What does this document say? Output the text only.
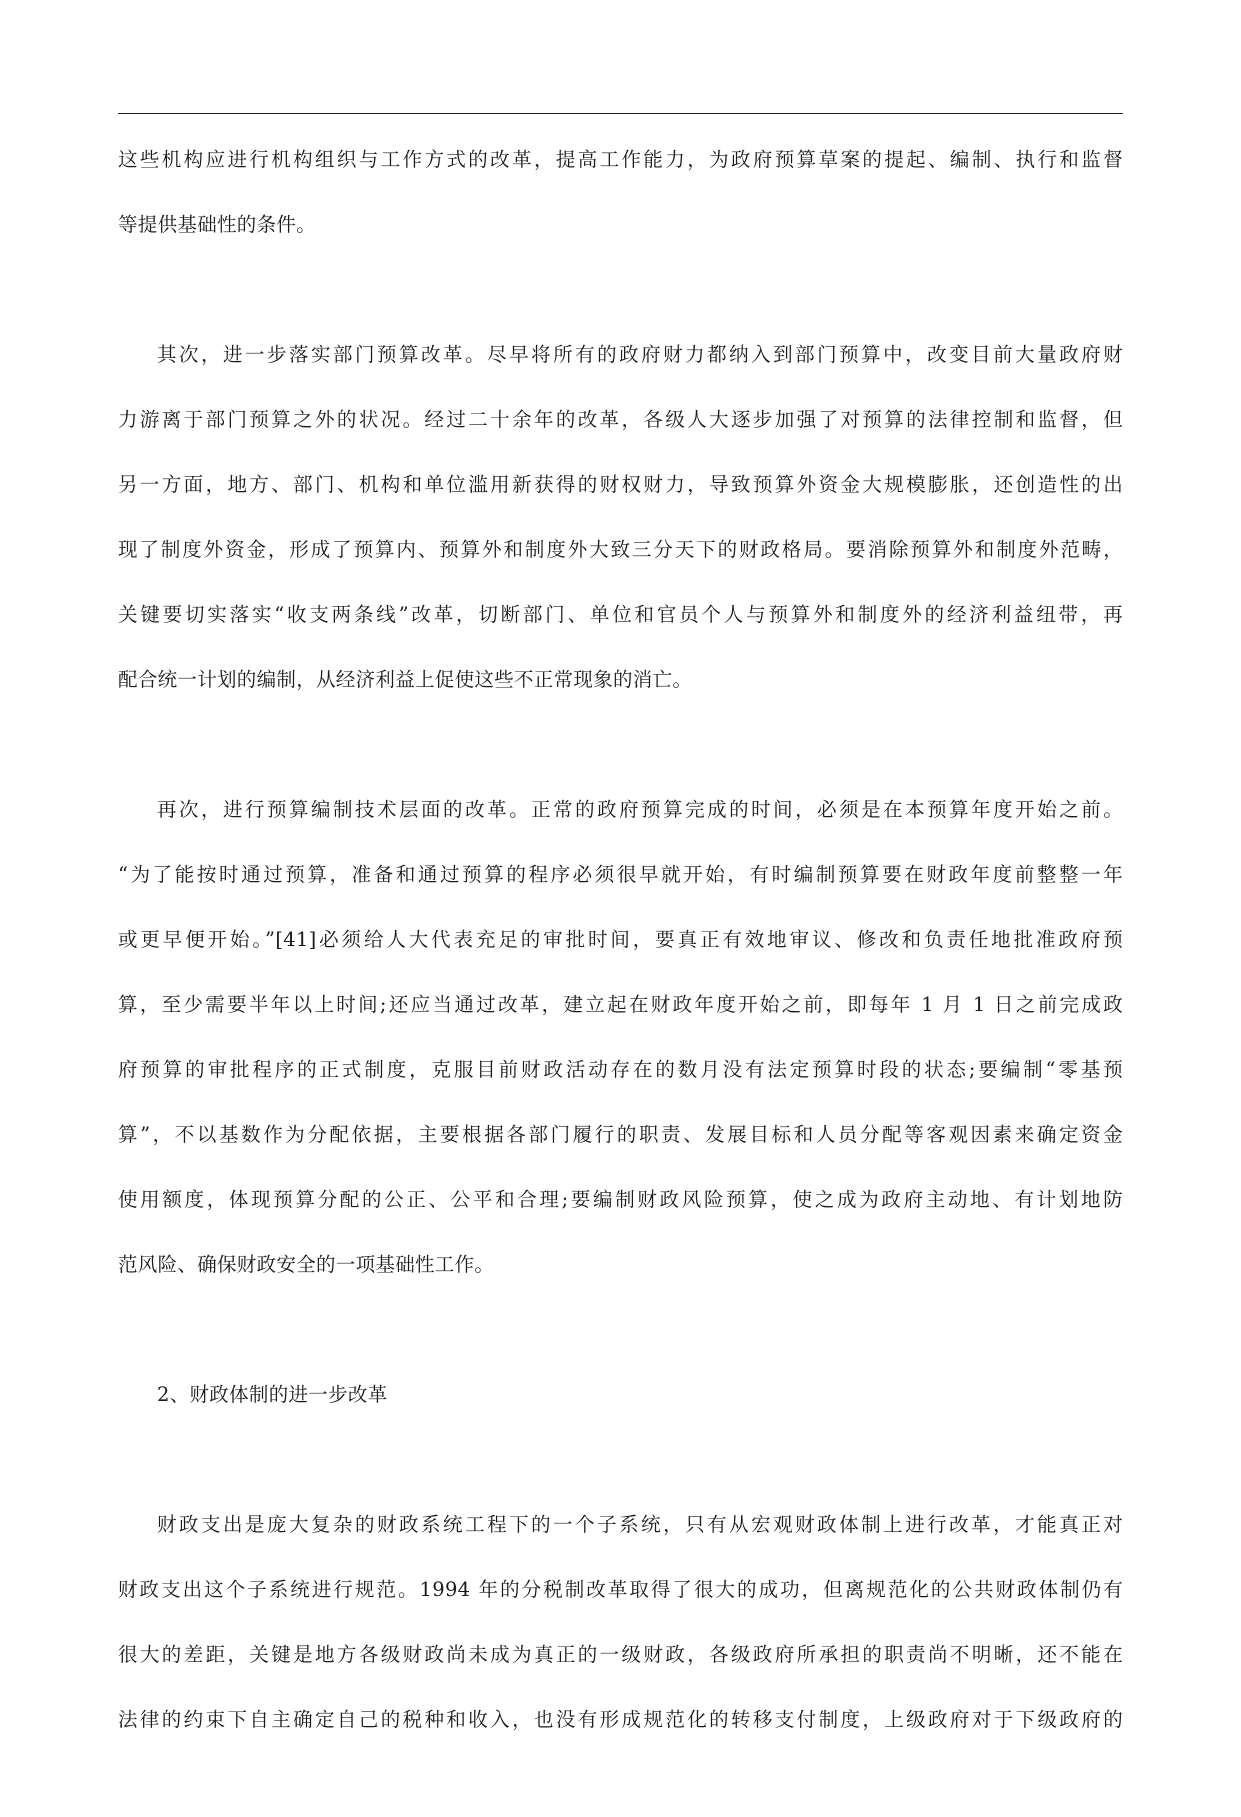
这些机构应进行机构组织与工作方式的改革，提高工作能力，为政府预算草案的提起、编制、执行和监督
等提供基础性的条件。
其次，进一步落实部门预算改革。尽早将所有的政府财力都纳入到部门预算中，改变目前大量政府财
力游离于部门预算之外的状况。经过二十余年的改革，各级人大逐步加强了对预算的法律控制和监督，但
另一方面，地方、部门、机构和单位滥用新获得的财权财力，导致预算外资金大规模膨胀，还创造性的出
现了制度外资金，形成了预算内、预算外和制度外大致三分天下的财政格局。要消除预算外和制度外范畴，
关键要切实落实“收支两条线”改革，切断部门、单位和官员个人与预算外和制度外的经济利益纽带，再
配合统一计划的编制，从经济利益上促使这些不正常现象的消亡。
再次，进行预算编制技术层面的改革。正常的政府预算完成的时间，必须是在本预算年度开始之前。
“为了能按时通过预算，准备和通过预算的程序必须很早就开始，有时编制预算要在财政年度前整整一年
或更早便开始。”[41]必须给人大代表充足的审批时间，要真正有效地审议、修改和负责任地批准政府预
算，至少需要半年以上时间;还应当通过改革，建立起在财政年度开始之前，即每年 1 月 1 日之前完成政
府预算的审批程序的正式制度，克服目前财政活动存在的数月没有法定预算时段的状态;要编制“零基预
算”，不以基数作为分配依据，主要根据各部门履行的职责、发展目标和人员分配等客观因素来确定资金
使用额度，体现预算分配的公正、公平和合理;要编制财政风险预算，使之成为政府主动地、有计划地防
范风险、确保财政安全的一项基础性工作。
2、财政体制的进一步改革
财政支出是庞大复杂的财政系统工程下的一个子系统，只有从宏观财政体制上进行改革，才能真正对
财政支出这个子系统进行规范。1994 年的分税制改革取得了很大的成功，但离规范化的公共财政体制仍有
很大的差距，关键是地方各级财政尚未成为真正的一级财政，各级政府所承担的职责尚不明晰，还不能在
法律的约束下自主确定自己的税种和收入，也没有形成规范化的转移支付制度，上级政府对于下级政府的
